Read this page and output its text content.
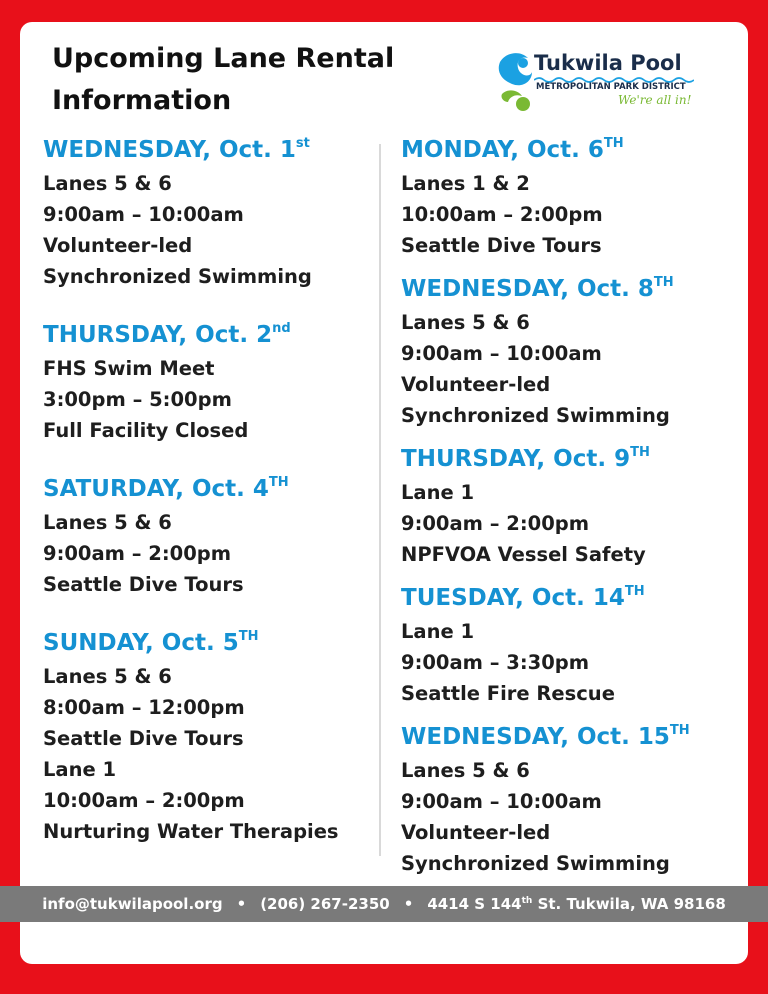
Upcoming Lane Rental
Information
Tukwila Pool
METROPOLITAN PARK DISTRICT
We're all in!
WEDNESDAY, Oct. 1st
Lanes 5 & 6
9:00am – 10:00am
Volunteer-led
Synchronized Swimming
THURSDAY, Oct. 2nd
FHS Swim Meet
3:00pm – 5:00pm
Full Facility Closed
SATURDAY, Oct. 4TH
Lanes 5 & 6
9:00am – 2:00pm
Seattle Dive Tours
SUNDAY, Oct. 5TH
Lanes 5 & 6
8:00am – 12:00pm
Seattle Dive Tours
Lane 1
10:00am – 2:00pm
Nurturing Water Therapies
MONDAY, Oct. 6TH
Lanes 1 & 2
10:00am – 2:00pm
Seattle Dive Tours
WEDNESDAY, Oct. 8TH
Lanes 5 & 6
9:00am – 10:00am
Volunteer-led
Synchronized Swimming
THURSDAY, Oct. 9TH
Lane 1
9:00am – 2:00pm
NPFVOA Vessel Safety
TUESDAY, Oct. 14TH
Lane 1
9:00am – 3:30pm
Seattle Fire Rescue
WEDNESDAY, Oct. 15TH
Lanes 5 & 6
9:00am – 10:00am
Volunteer-led
Synchronized Swimming
info@tukwilapool.org • (206) 267-2350 • 4414 S 144th St. Tukwila, WA 98168
